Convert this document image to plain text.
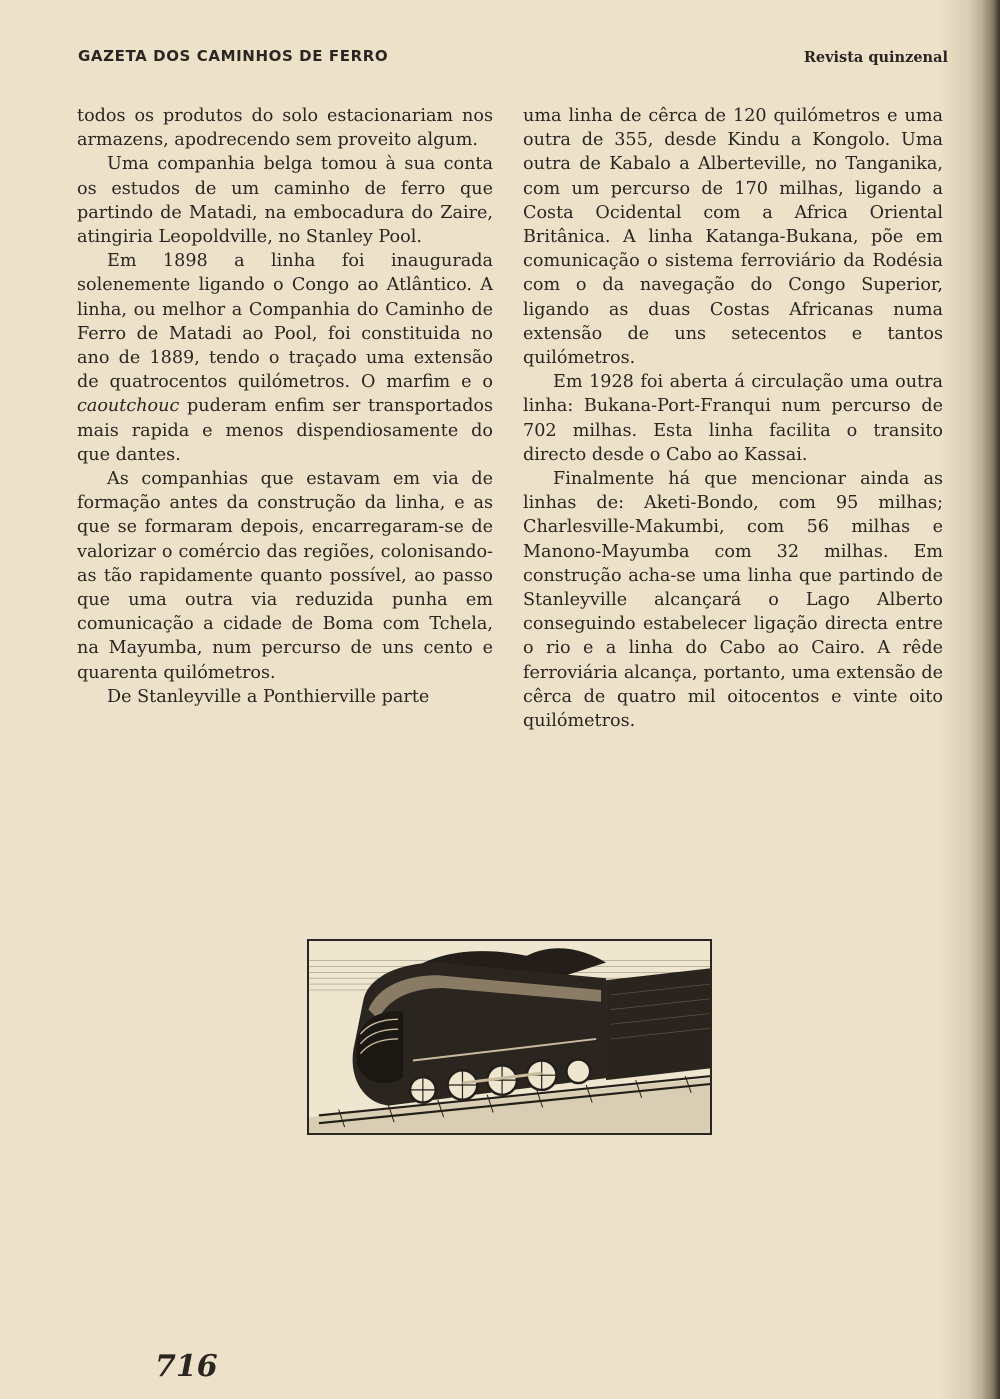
GAZETA DOS CAMINHOS DE FERRO	Revista quinzenal

todos os produtos do solo estacionariam nos armazens, apodrecendo sem proveito algum.

Uma companhia belga tomou à sua conta os estudos de um caminho de ferro que partindo de Matadi, na embocadura do Zaire, atingiria Leopoldville, no Stanley Pool.

Em 1898 a linha foi inaugurada solenemente ligando o Congo ao Atlântico. A linha, ou melhor a Companhia do Caminho de Ferro de Matadi ao Pool, foi constituida no ano de 1889, tendo o traçado uma extensão de quatrocentos quilómetros. O marfim e o caoutchouc puderam enfim ser transportados mais rapida e menos dispendiosamente do que dantes.

As companhias que estavam em via de formação antes da construção da linha, e as que se formaram depois, encarregaram-se de valorizar o comércio das regiões, colonisando-as tão rapidamente quanto possível, ao passo que uma outra via reduzida punha em comunicação a cidade de Boma com Tchela, na Mayumba, num percurso de uns cento e quarenta quilómetros.

De Stanleyville a Ponthierville parte

uma linha de cêrca de 120 quilómetros e uma outra de 355, desde Kindu a Kongolo. Uma outra de Kabalo a Alberteville, no Tanganika, com um percurso de 170 milhas, ligando a Costa Ocidental com a Africa Oriental Britânica. A linha Katanga-Bukana, põe em comunicação o sistema ferroviário da Rodésia com o da navegação do Congo Superior, ligando as duas Costas Africanas numa extensão de uns setecentos e tantos quilómetros.

Em 1928 foi aberta á circulação uma outra linha: Bukana-Port-Franqui num percurso de 702 milhas. Esta linha facilita o transito directo desde o Cabo ao Kassai.

Finalmente há que mencionar ainda as linhas de: Aketi-Bondo, com 95 milhas; Charlesville-Makumbi, com 56 milhas e Manono-Mayumba com 32 milhas. Em construção acha-se uma linha que partindo de Stanleyville alcançará o Lago Alberto conseguindo estabelecer ligação directa entre o rio e a linha do Cabo ao Cairo. A rêde ferroviária alcança, portanto, uma extensão de cêrca de quatro mil oitocentos e vinte oito quilómetros.

716
